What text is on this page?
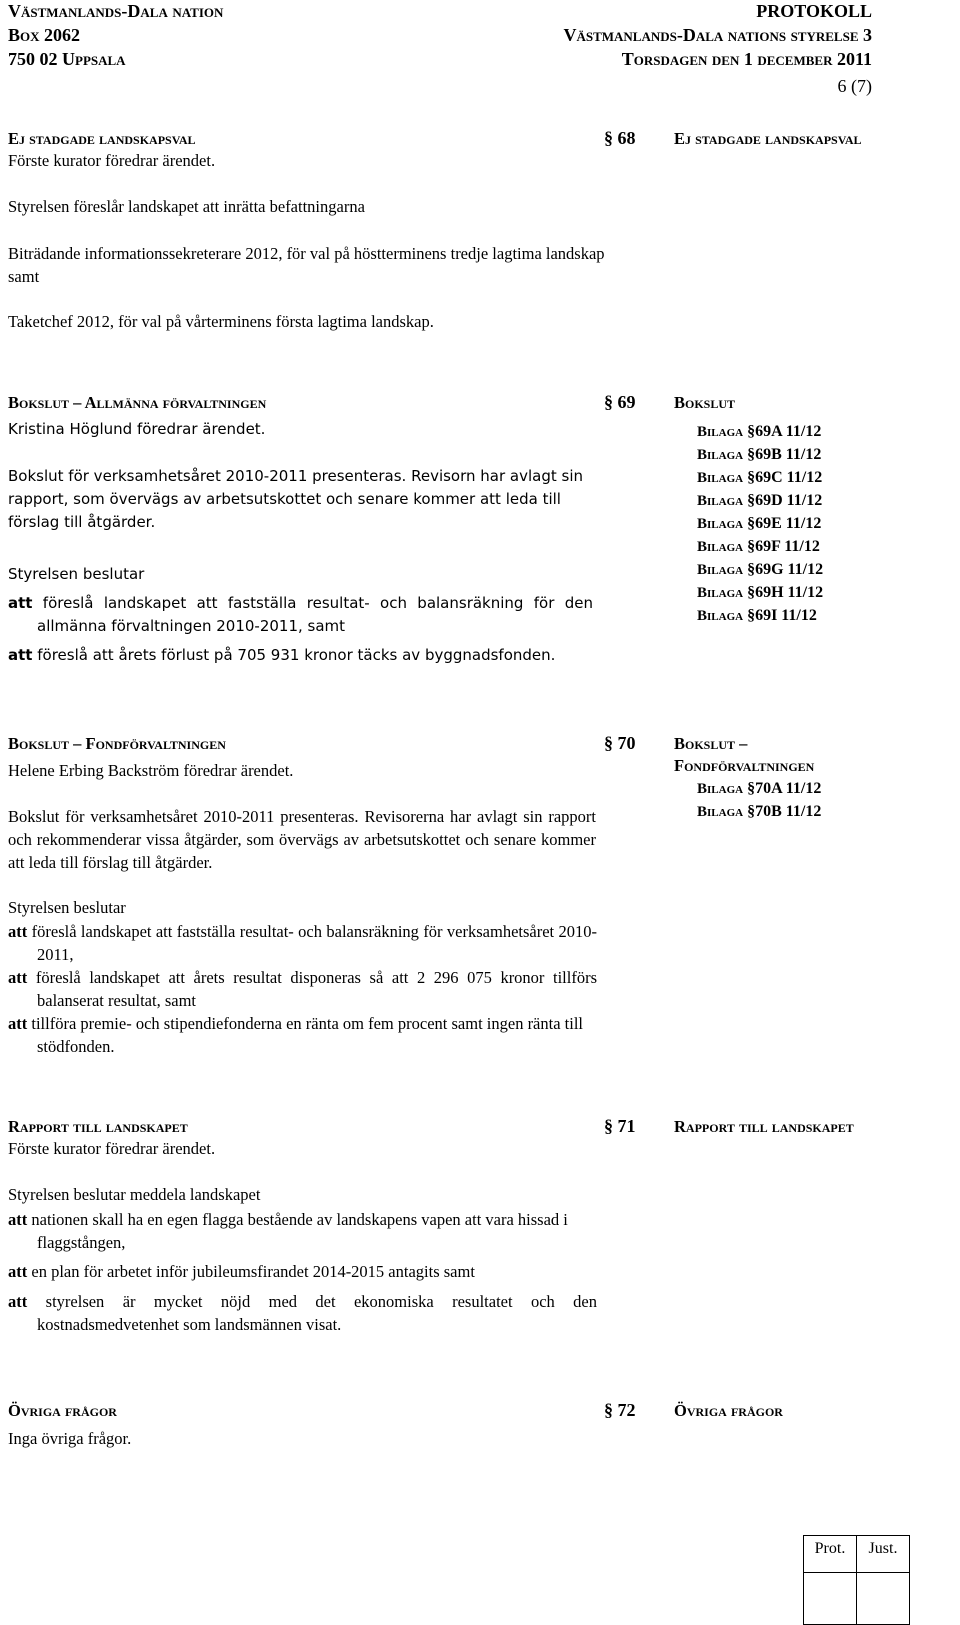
Västmanlands-Dala nation
Box 2062
750 02 Uppsala
PROTOKOLL
Västmanlands-Dala nations styrelse 3
Torsdagen den 1 december 2011
6 (7)
Ej stadgade landskapsval	§ 68 Ej stadgade landskapsval
Förste kurator föredrar ärendet.
Styrelsen föreslår landskapet att inrätta befattningarna
Biträdande informationssekreterare 2012, för val på höstterminens tredje lagtima landskap samt
Taketchef 2012, för val på vårterminens första lagtima landskap.
Bokslut – Allmänna förvaltningen	§ 69 Bokslut
Kristina Höglund föredrar ärendet.
Bokslut för verksamhetsåret 2010-2011 presenteras. Revisorn har avlagt sin rapport, som övervägs av arbetsutskottet och senare kommer att leda till förslag till åtgärder.
Styrelsen beslutar
att föreslå landskapet att fastställa resultat- och balansräkning för den allmänna förvaltningen 2010-2011, samt
att föreslå att årets förlust på 705 931 kronor täcks av byggnadsfonden.
Bilaga §69A 11/12
Bilaga §69B 11/12
Bilaga §69C 11/12
Bilaga §69D 11/12
Bilaga §69E 11/12
Bilaga §69F 11/12
Bilaga §69G 11/12
Bilaga §69H 11/12
Bilaga §69I 11/12
Bokslut – Fondförvaltningen	§ 70 Bokslut –
Fondförvaltningen
Helene Erbing Backström föredrar ärendet.
Bilaga §70A 11/12
Bilaga §70B 11/12
Bokslut för verksamhetsåret 2010-2011 presenteras. Revisorerna har avlagt sin rapport och rekommenderar vissa åtgärder, som övervägs av arbetsutskottet och senare kommer att leda till förslag till åtgärder.
Styrelsen beslutar
att föreslå landskapet att fastställa resultat- och balansräkning för verksamhetsåret 2010-2011,
att föreslå landskapet att årets resultat disponeras så att 2 296 075 kronor tillförs balanserat resultat, samt
att tillföra premie- och stipendiefonderna en ränta om fem procent samt ingen ränta till stödfonden.
Rapport till landskapet	§ 71 Rapport till landskapet
Förste kurator föredrar ärendet.
Styrelsen beslutar meddela landskapet
att nationen skall ha en egen flagga bestående av landskapens vapen att vara hissad i flaggstången,
att en plan för arbetet inför jubileumsfirandet 2014-2015 antagits samt
att styrelsen är mycket nöjd med det ekonomiska resultatet och den kostnadsmedvetenhet som landsmännen visat.
Övriga frågor	§ 72 Övriga frågor
Inga övriga frågor.
Prot.	Just.
